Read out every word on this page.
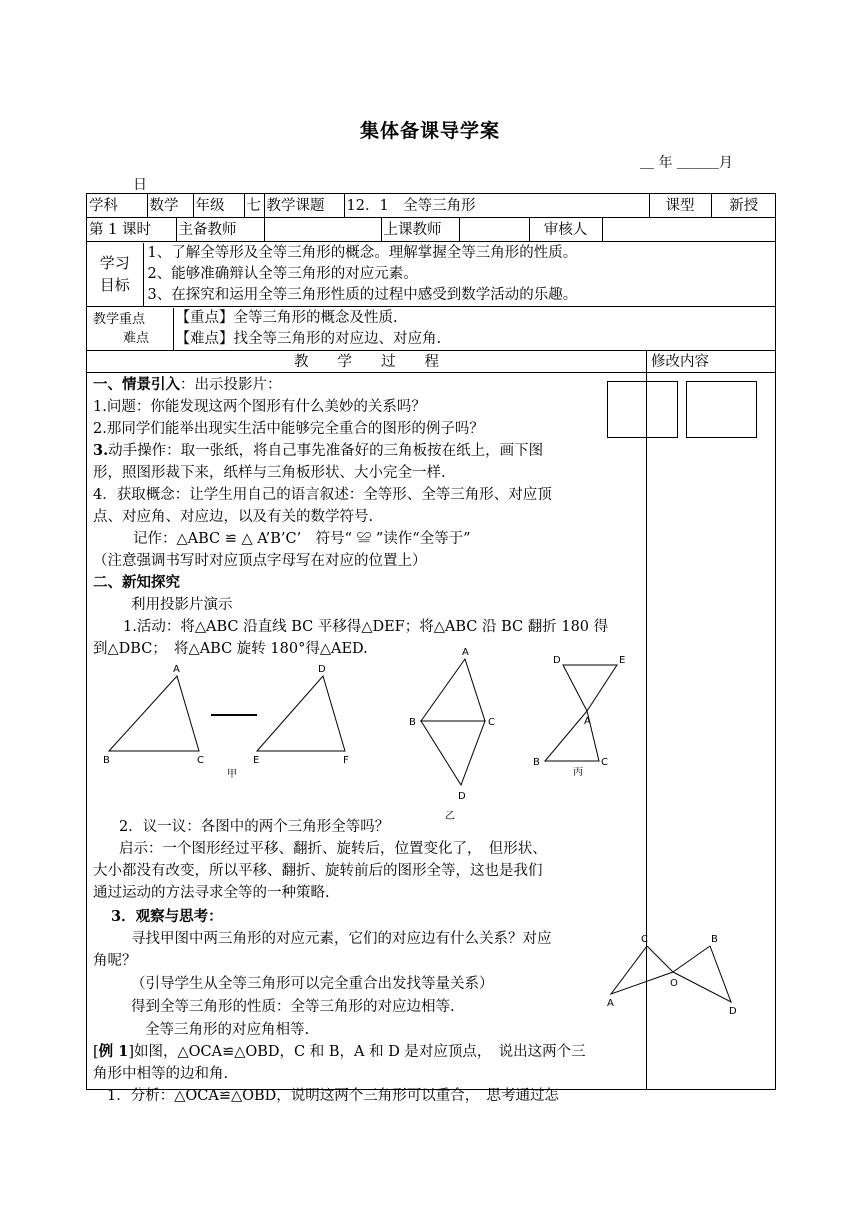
集体备课导学案
＿ 年 ＿＿＿月
日
学科	数学	年级	七	教学课题	12．1　全等三角形	课型	新授

第 1 课时	主备教师		上课教师		审核人	

学习
目标

1、了解全等形及全等三角形的概念。理解掌握全等三角形的性质。
2、能够准确辩认全等三角形的对应元素。
3、在探究和运用全等三角形性质的过程中感受到数学活动的乐趣。

教学重点
难点

【重点】全等三角形的概念及性质.
【难点】找全等三角形的对应边、对应角.

教　　学　　过　　程	修改内容

一、情景引入：出示投影片：
1.问题：你能发现这两个图形有什么美妙的关系吗？
2.那同学们能举出现实生活中能够完全重合的图形的例子吗？
3.动手操作：取一张纸，将自己事先准备好的三角板按在纸上，画下图
形，照图形裁下来，纸样与三角板形状、大小完全一样.
4．获取概念：让学生用自己的语言叙述：全等形、全等三角形、对应顶
点、对应角、对应边，以及有关的数学符号.
记作：△ABC ≌ △ A’B’C’　符号“ ≌ ”读作“全等于”
（注意强调书写时对应顶点字母写在对应的位置上）
二、新知探究
利用投影片演示
1.活动：将△ABC 沿直线 BC 平移得△DEF；将△ABC 沿 BC 翻折 180 得
到△DBC；　将△ABC 旋转 180°得△AED.
A
B	C
D
E	F
甲
A
B	C
D
乙
D	E
A
B	C
丙
2．议一议：各图中的两个三角形全等吗？
启示：一个图形经过平移、翻折、旋转后，位置变化了，　但形状、
大小都没有改变，所以平移、翻折、旋转前后的图形全等，这也是我们
通过运动的方法寻求全等的一种策略.
3．观察与思考：
寻找甲图中两三角形的对应元素，它们的对应边有什么关系？对应
角呢？
（引导学生从全等三角形可以完全重合出发找等量关系）
得到全等三角形的性质：全等三角形的对应边相等.
全等三角形的对应角相等.
[例 1]如图，△OCA≌△OBD，C 和 B，A 和 D 是对应顶点，　说出这两个三
角形中相等的边和角.
1．分析：△OCA≌△OBD，说明这两个三角形可以重合，　思考通过怎

C	B
O
A
D
